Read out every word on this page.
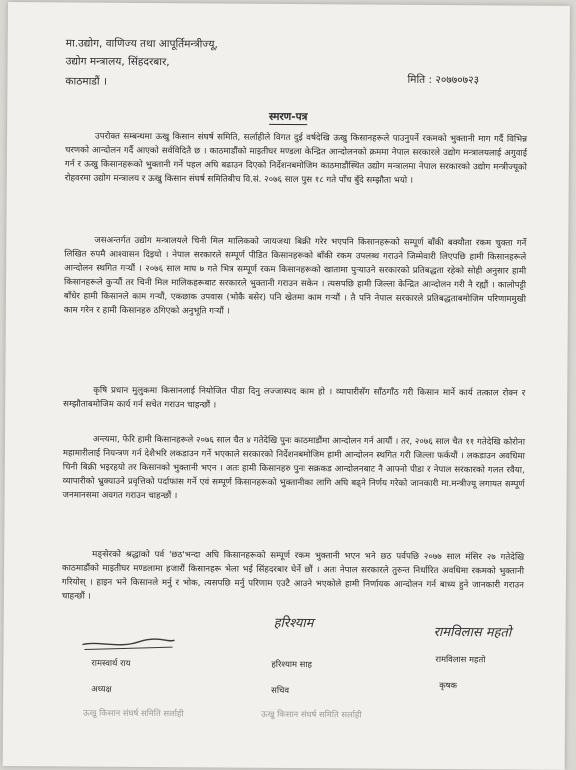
मा.उद्योग, वाणिज्य तथा आपूर्तिमन्त्रीज्यू,
उद्योग मन्त्रालय, सिंहदरबार,
काठमाडौं ।	मिति : २०७७०७२३
स्मरण-पत्र
उपरोक्त सम्बन्धमा ऊखु किसान संघर्ष समिति, सर्लाहीले विगत दुई वर्षदेखि ऊखु किसानहरूले पाउनुपर्ने रकमको भुक्तानी माग गर्दै विभिन्न चरणको आन्दोलन गर्दै आएको सर्वविदितै छ । काठमाडौंको माइतीघर मण्डला केन्द्रित आन्दोलनको क्रममा नेपाल सरकारले उद्योग मन्त्रालयलाई अगुवाई गर्न र ऊखु किसानहरूको भुक्तानी गर्ने पहल अघि बढाउन दिएको निर्देशनबमोजिम काठमाडौंस्थित उद्योग मन्त्रालमा नेपाल सरकारको उद्योग मन्त्रीज्यूको रोहवरमा उद्योग मन्त्रालय र ऊखु किसान संघर्ष समितिबीच वि.सं. २०७६ साल पुस १८ गते पाँच बुँदे सम्झौता भयो ।
जसअन्तर्गत उद्योग मन्त्रालयले चिनी मिल मालिकको जायजथा बिक्री गरेर भएपनि किसानहरूको सम्पूर्ण बाँकी बक्यौता रकम चुक्ता गर्ने लिखित रुपमै आश्वासन दिइयो । नेपाल सरकारले सम्पूर्ण पीडित किसानहरूको बाँकी रकम उपलब्ध गराउने जिम्मेवारी लिएपछि हामी किसानहरूले आन्दोलन स्थगित गर्‍यौं । २०७६ साल माघ ७ गते भित्र सम्पूर्ण रकम किसानहरूको खातामा पुर्‍याउने सरकारको प्रतिबद्धता रहेको सोही अनुसार हामी किसानहरूले कुर्‍यौं तर चिनी मिल मालिकहरूबाट सरकारले भुक्तानी गराउन सकेन । त्यसपछि हामी जिल्ला केन्द्रित आन्दोलन गरी नै रह्यौं । कालोपट्टी बाँधेर हामी किसानले काम गर्‍यौं, एकछाक उपवास (भोकै बसेर) पनि खेतमा काम गर्‍यौं । तै पनि नेपाल सरकारले प्रतिबद्धताबमोजिम परिणाममुखी काम गरेन र हामी किसानहरु ठगिएको अनुभूति गर्‍यौं ।
कृषि प्रधान मुलुकमा किसानलाई नियोजित पीडा दिनु लज्जास्पद काम हो । व्यापारीसँग साँठगाँठ गरी किसान मार्ने कार्य तत्काल रोक्न र सम्झौताबमोजिम कार्य गर्न सचेत गराउन चाहन्छौं ।
अन्त्यमा, फेरि हामी किसानहरूले २०७६ साल चैत ४ गतेदेखि पुनः काठमाडौंमा आन्दोलन गर्न आयौं । तर, २०७६ साल चैत ११ गतेदेखि कोरोना महामारीलाई नियन्त्रण गर्न देशैभरि लकडाउन गर्ने भएकाले सरकारको निर्देशनबमोजिम हामी आन्दोलन स्थगित गरी जिल्ला फर्कयौं । लकडाउन अवधिमा चिनी बिक्री भइरहयो तर किसानको भुक्तानी भएन । अतः हामी किसानहरु पुनः सक्रकड आन्दोलनबाट नै आफ्नो पीडा र नेपाल सरकारको गलत रवैया, व्यापारीको भ्रुक्याउने प्रवृत्तिको पर्दाफास गर्ने एवं सम्पूर्ण किसानहरूको भुक्तानीका लागि अघि बढ्ने निर्णय गरेको जानकारी मा.मन्त्रीज्यू लगायत सम्पूर्ण जनमानसमा अवगत गराउन चाहन्छौं ।
मङ्सेरको श्रद्धाको पर्व 'छठ'भन्दा अघि किसानहरूको सम्पूर्ण रकम भुक्तानी भएन भने छठ पर्वपछि २०७७ साल मंसिर २७ गतेदेखि काठमाडौंको माइतीघर मण्डलामा हजारौं किसानहरू भेला भई सिंहदरबार घेर्ने छौं । अतः नेपाल सरकारले तुरुन्त निर्धारित अवधिमा रकमको भुक्तानी गरियोस् । हाइन भने किसानले मर्नु र भोक, त्यसपछि मर्नु परिणाम एउटै आउने भएकोले हामी निर्णायक आन्दोलन गर्न बाध्य हुने जानकारी गराउन चाहन्छौं ।
हरिश्याम
रामविलास महतो
रामस्वार्थ राय
अध्यक्ष
ऊखु किसान संघर्ष समिति सर्लाही
हरिश्याम साह
सचिव
ऊखु किसान संघर्ष समिति सर्लाही
रामविलास महतो
कृषक
